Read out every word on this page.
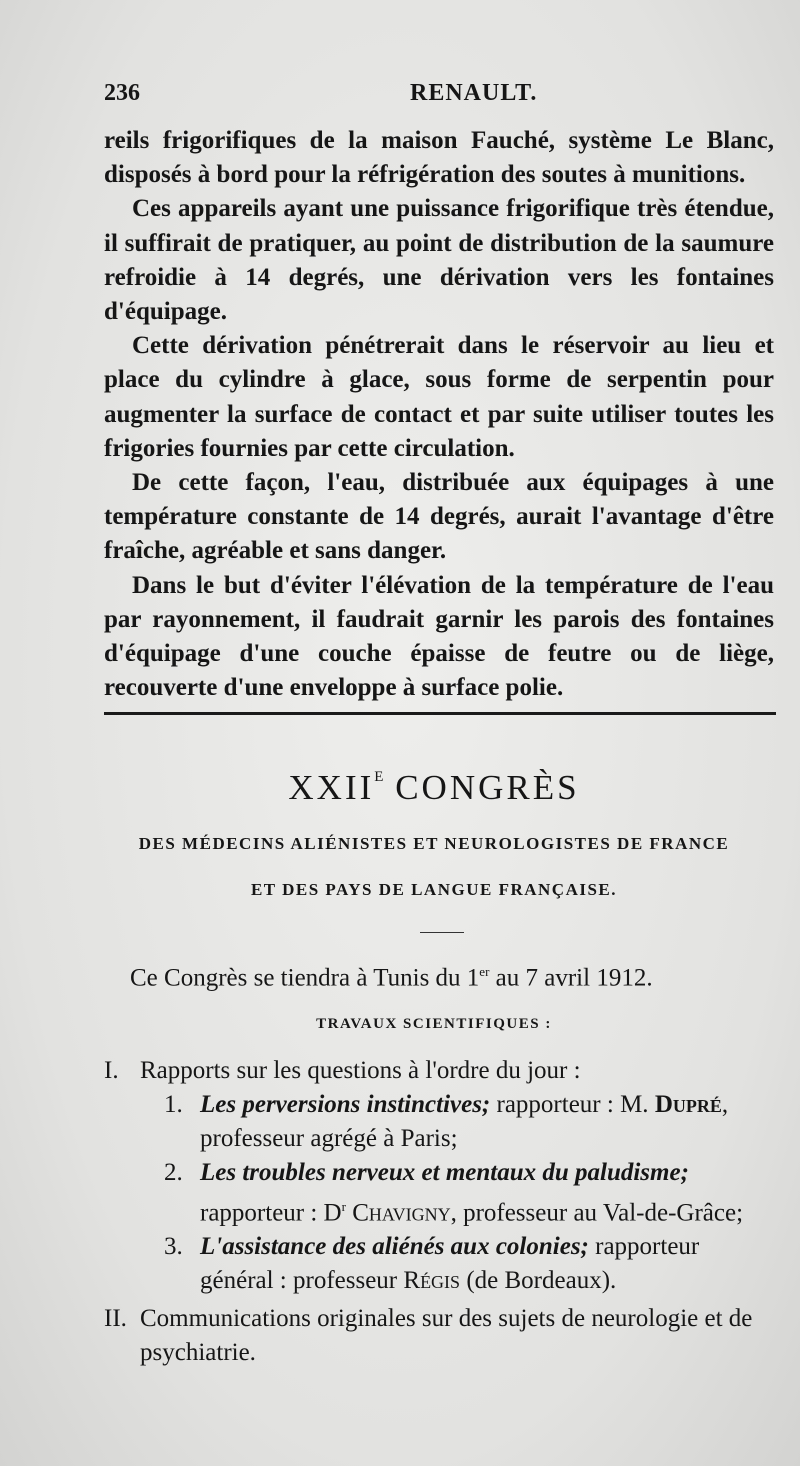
236	RENAULT.

reils frigorifiques de la maison Fauché, système Le Blanc, disposés à bord pour la réfrigération des soutes à munitions.

Ces appareils ayant une puissance frigorifique très étendue, il suffirait de pratiquer, au point de distribution de la saumure refroidie à 14 degrés, une dérivation vers les fontaines d'équipage.

Cette dérivation pénétrerait dans le réservoir au lieu et place du cylindre à glace, sous forme de serpentin pour augmenter la surface de contact et par suite utiliser toutes les frigories fournies par cette circulation.

De cette façon, l'eau, distribuée aux équipages à une température constante de 14 degrés, aurait l'avantage d'être fraîche, agréable et sans danger.

Dans le but d'éviter l'élévation de la température de l'eau par rayonnement, il faudrait garnir les parois des fontaines d'équipage d'une couche épaisse de feutre ou de liège, recouverte d'une enveloppe à surface polie.

$XXII^E$ CONGRÈS
DES MÉDECINS ALIÉNISTES ET NEUROLOGISTES DE FRANCE
ET DES PAYS DE LANGUE FRANÇAISE.
Ce Congrès se tiendra à Tunis du 1er au 7 avril 1912.
TRAVAUX SCIENTIFIQUES :
I. Rapports sur les questions à l'ordre du jour :
1. Les perversions instinctives; rapporteur : M. Dupré, professeur agrégé à Paris;
2. Les troubles nerveux et mentaux du paludisme; rapporteur : $D^r$ Chavigny, professeur au Val-de-Grâce;
3. L'assistance des aliénés aux colonies; rapporteur général : professeur Régis (de Bordeaux).
II. Communications originales sur des sujets de neurologie et de psychiatrie.
